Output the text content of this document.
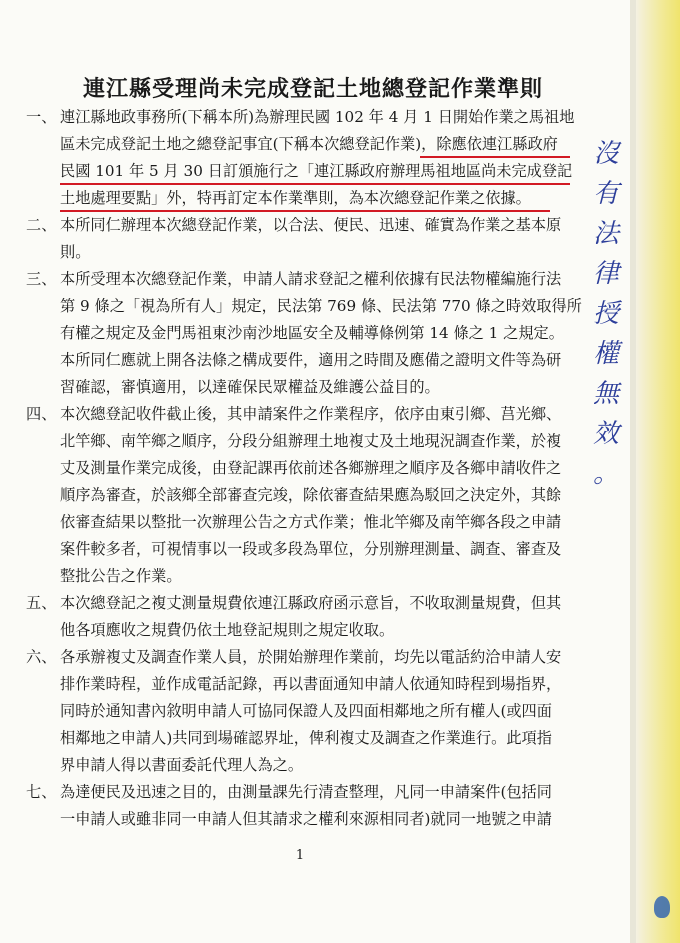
連江縣受理尚未完成登記土地總登記作業準則
一、 連江縣地政事務所(下稱本所)為辦理民國 102 年 4 月 1 日開始作業之馬祖地
區未完成登記土地之總登記事宜(下稱本次總登記作業)，除應依連江縣政府
民國 101 年 5 月 30 日訂頒施行之「連江縣政府辦理馬祖地區尚未完成登記
土地處理要點」外，特再訂定本作業準則，為本次總登記作業之依據。
二、 本所同仁辦理本次總登記作業，以合法、便民、迅速、確實為作業之基本原
則。
三、 本所受理本次總登記作業，申請人請求登記之權利依據有民法物權編施行法
第 9 條之「視為所有人」規定，民法第 769 條、民法第 770 條之時效取得所
有權之規定及金門馬祖東沙南沙地區安全及輔導條例第 14 條之 1 之規定。
本所同仁應就上開各法條之構成要件，適用之時間及應備之證明文件等為研
習確認，審慎適用，以達確保民眾權益及維護公益目的。
四、 本次總登記收件截止後，其申請案件之作業程序，依序由東引鄉、莒光鄉、
北竿鄉、南竿鄉之順序，分段分組辦理土地複丈及土地現況調查作業，於複
丈及測量作業完成後，由登記課再依前述各鄉辦理之順序及各鄉申請收件之
順序為審查，於該鄉全部審查完竣，除依審查結果應為駁回之決定外，其餘
依審查結果以整批一次辦理公告之方式作業；惟北竿鄉及南竿鄉各段之申請
案件較多者，可視情事以一段或多段為單位，分別辦理測量、調查、審查及
整批公告之作業。
五、 本次總登記之複丈測量規費依連江縣政府函示意旨，不收取測量規費，但其
他各項應收之規費仍依土地登記規則之規定收取。
六、 各承辦複丈及調查作業人員，於開始辦理作業前，均先以電話約洽申請人安
排作業時程，並作成電話記錄，再以書面通知申請人依通知時程到場指界，
同時於通知書內敘明申請人可協同保證人及四面相鄰地之所有權人(或四面
相鄰地之申請人)共同到場確認界址，俾利複丈及調查之作業進行。此項指
界申請人得以書面委託代理人為之。
七、 為達便民及迅速之目的，由測量課先行清查整理，凡同一申請案件(包括同
一申請人或雖非同一申請人但其請求之權利來源相同者)就同一地號之申請
沒
有
法
律
授
權
無
效
。
1
